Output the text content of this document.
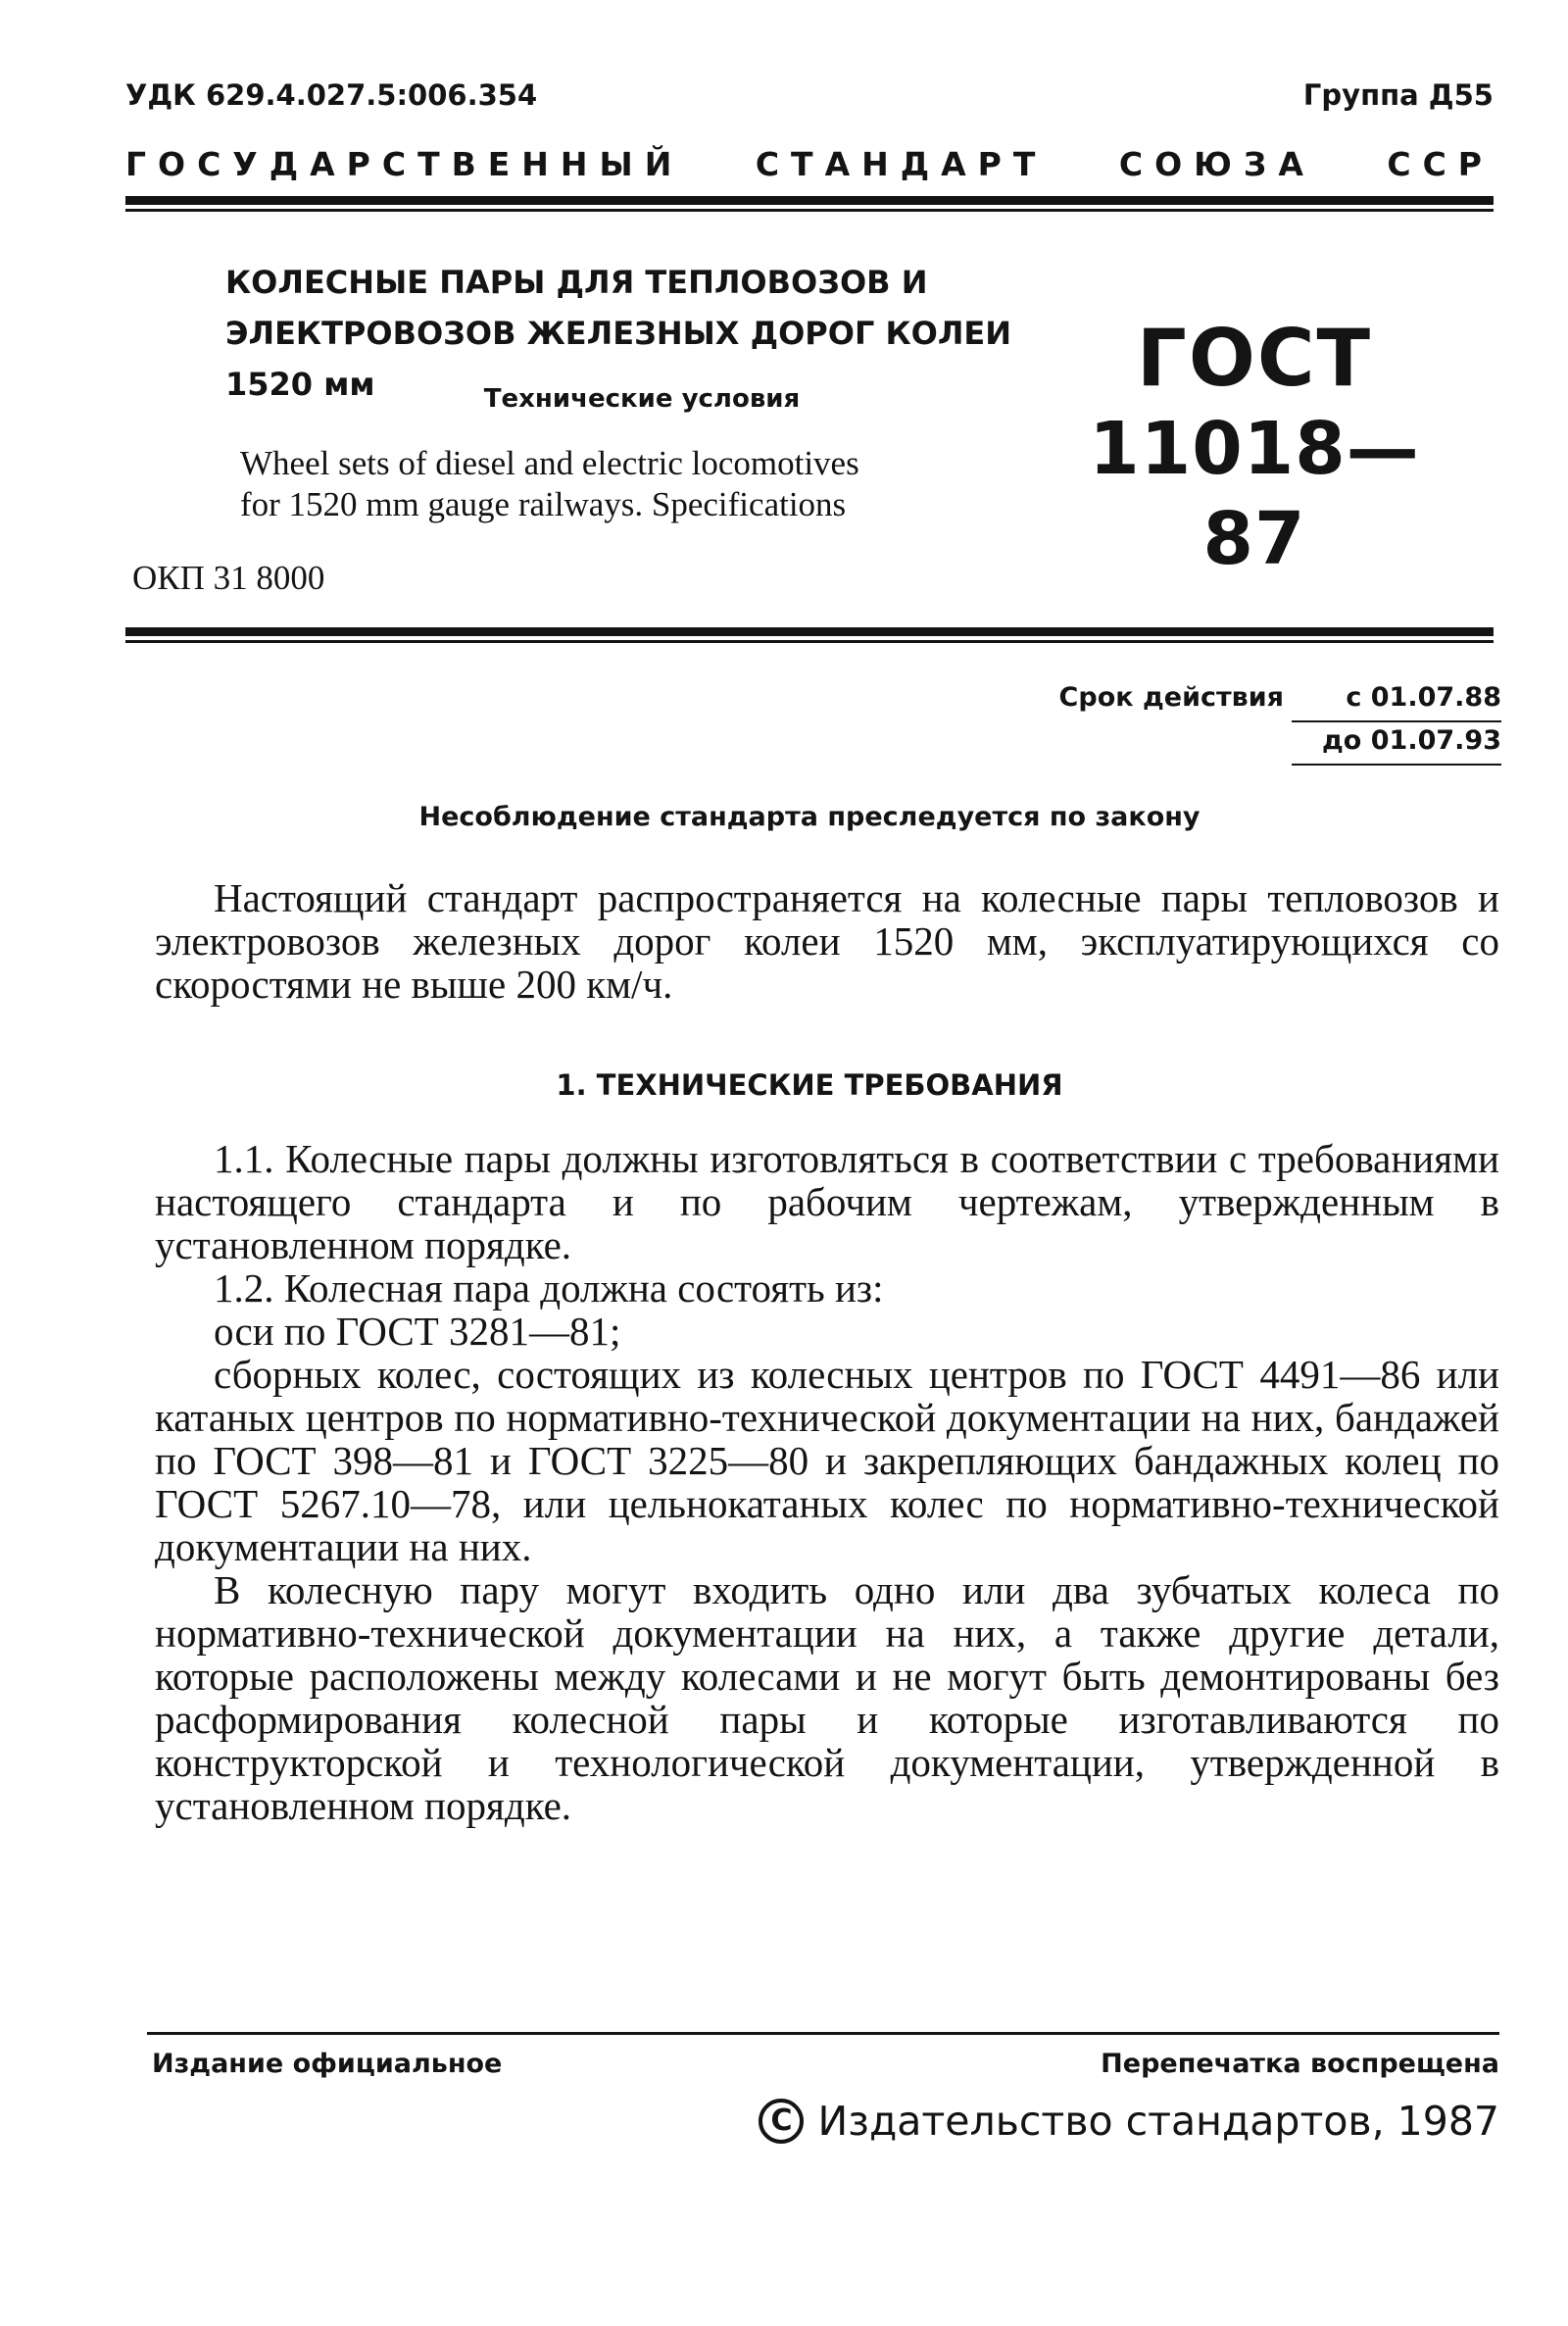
УДК 629.4.027.5:006.354	Группа Д55
ГОСУДАРСТВЕННЫЙ СТАНДАРТ СОЮЗА ССР
КОЛЕСНЫЕ ПАРЫ ДЛЯ ТЕПЛОВОЗОВ И
ЭЛЕКТРОВОЗОВ ЖЕЛЕЗНЫХ ДОРОГ КОЛЕИ 1520 мм	Технические условия
Wheel sets of diesel and electric locomotives
for 1520 mm gauge railways. Specifications
ГОСТ
11018—87
ОКП 31 8000
Срок действия	с 01.07.88
до 01.07.93
Несоблюдение стандарта преследуется по закону

Настоящий стандарт распространяется на колесные пары тепловозов и электровозов железных дорог колеи 1520 мм, эксплуатирующихся со скоростями не выше 200 км/ч.

1. ТЕХНИЧЕСКИЕ ТРЕБОВАНИЯ

1.1. Колесные пары должны изготовляться в соответствии с требованиями настоящего стандарта и по рабочим чертежам, утвержденным в установленном порядке.

1.2. Колесная пара должна состоять из:

оси по ГОСТ 3281—81;

сборных колес, состоящих из колесных центров по ГОСТ 4491—86 или катаных центров по нормативно-технической документации на них, бандажей по ГОСТ 398—81 и ГОСТ 3225—80 и закрепляющих бандажных колец по ГОСТ 5267.10—78, или цельнокатаных колес по нормативно-технической документации на них.

В колесную пару могут входить одно или два зубчатых колеса по нормативно-технической документации на них, а также другие детали, которые расположены между колесами и не могут быть демонтированы без расформирования колесной пары и которые изготавливаются по конструкторской и технологической документации, утвержденной в установленном порядке.

Издание официальное	Перепечатка воспрещена
C Издательство стандартов, 1987
